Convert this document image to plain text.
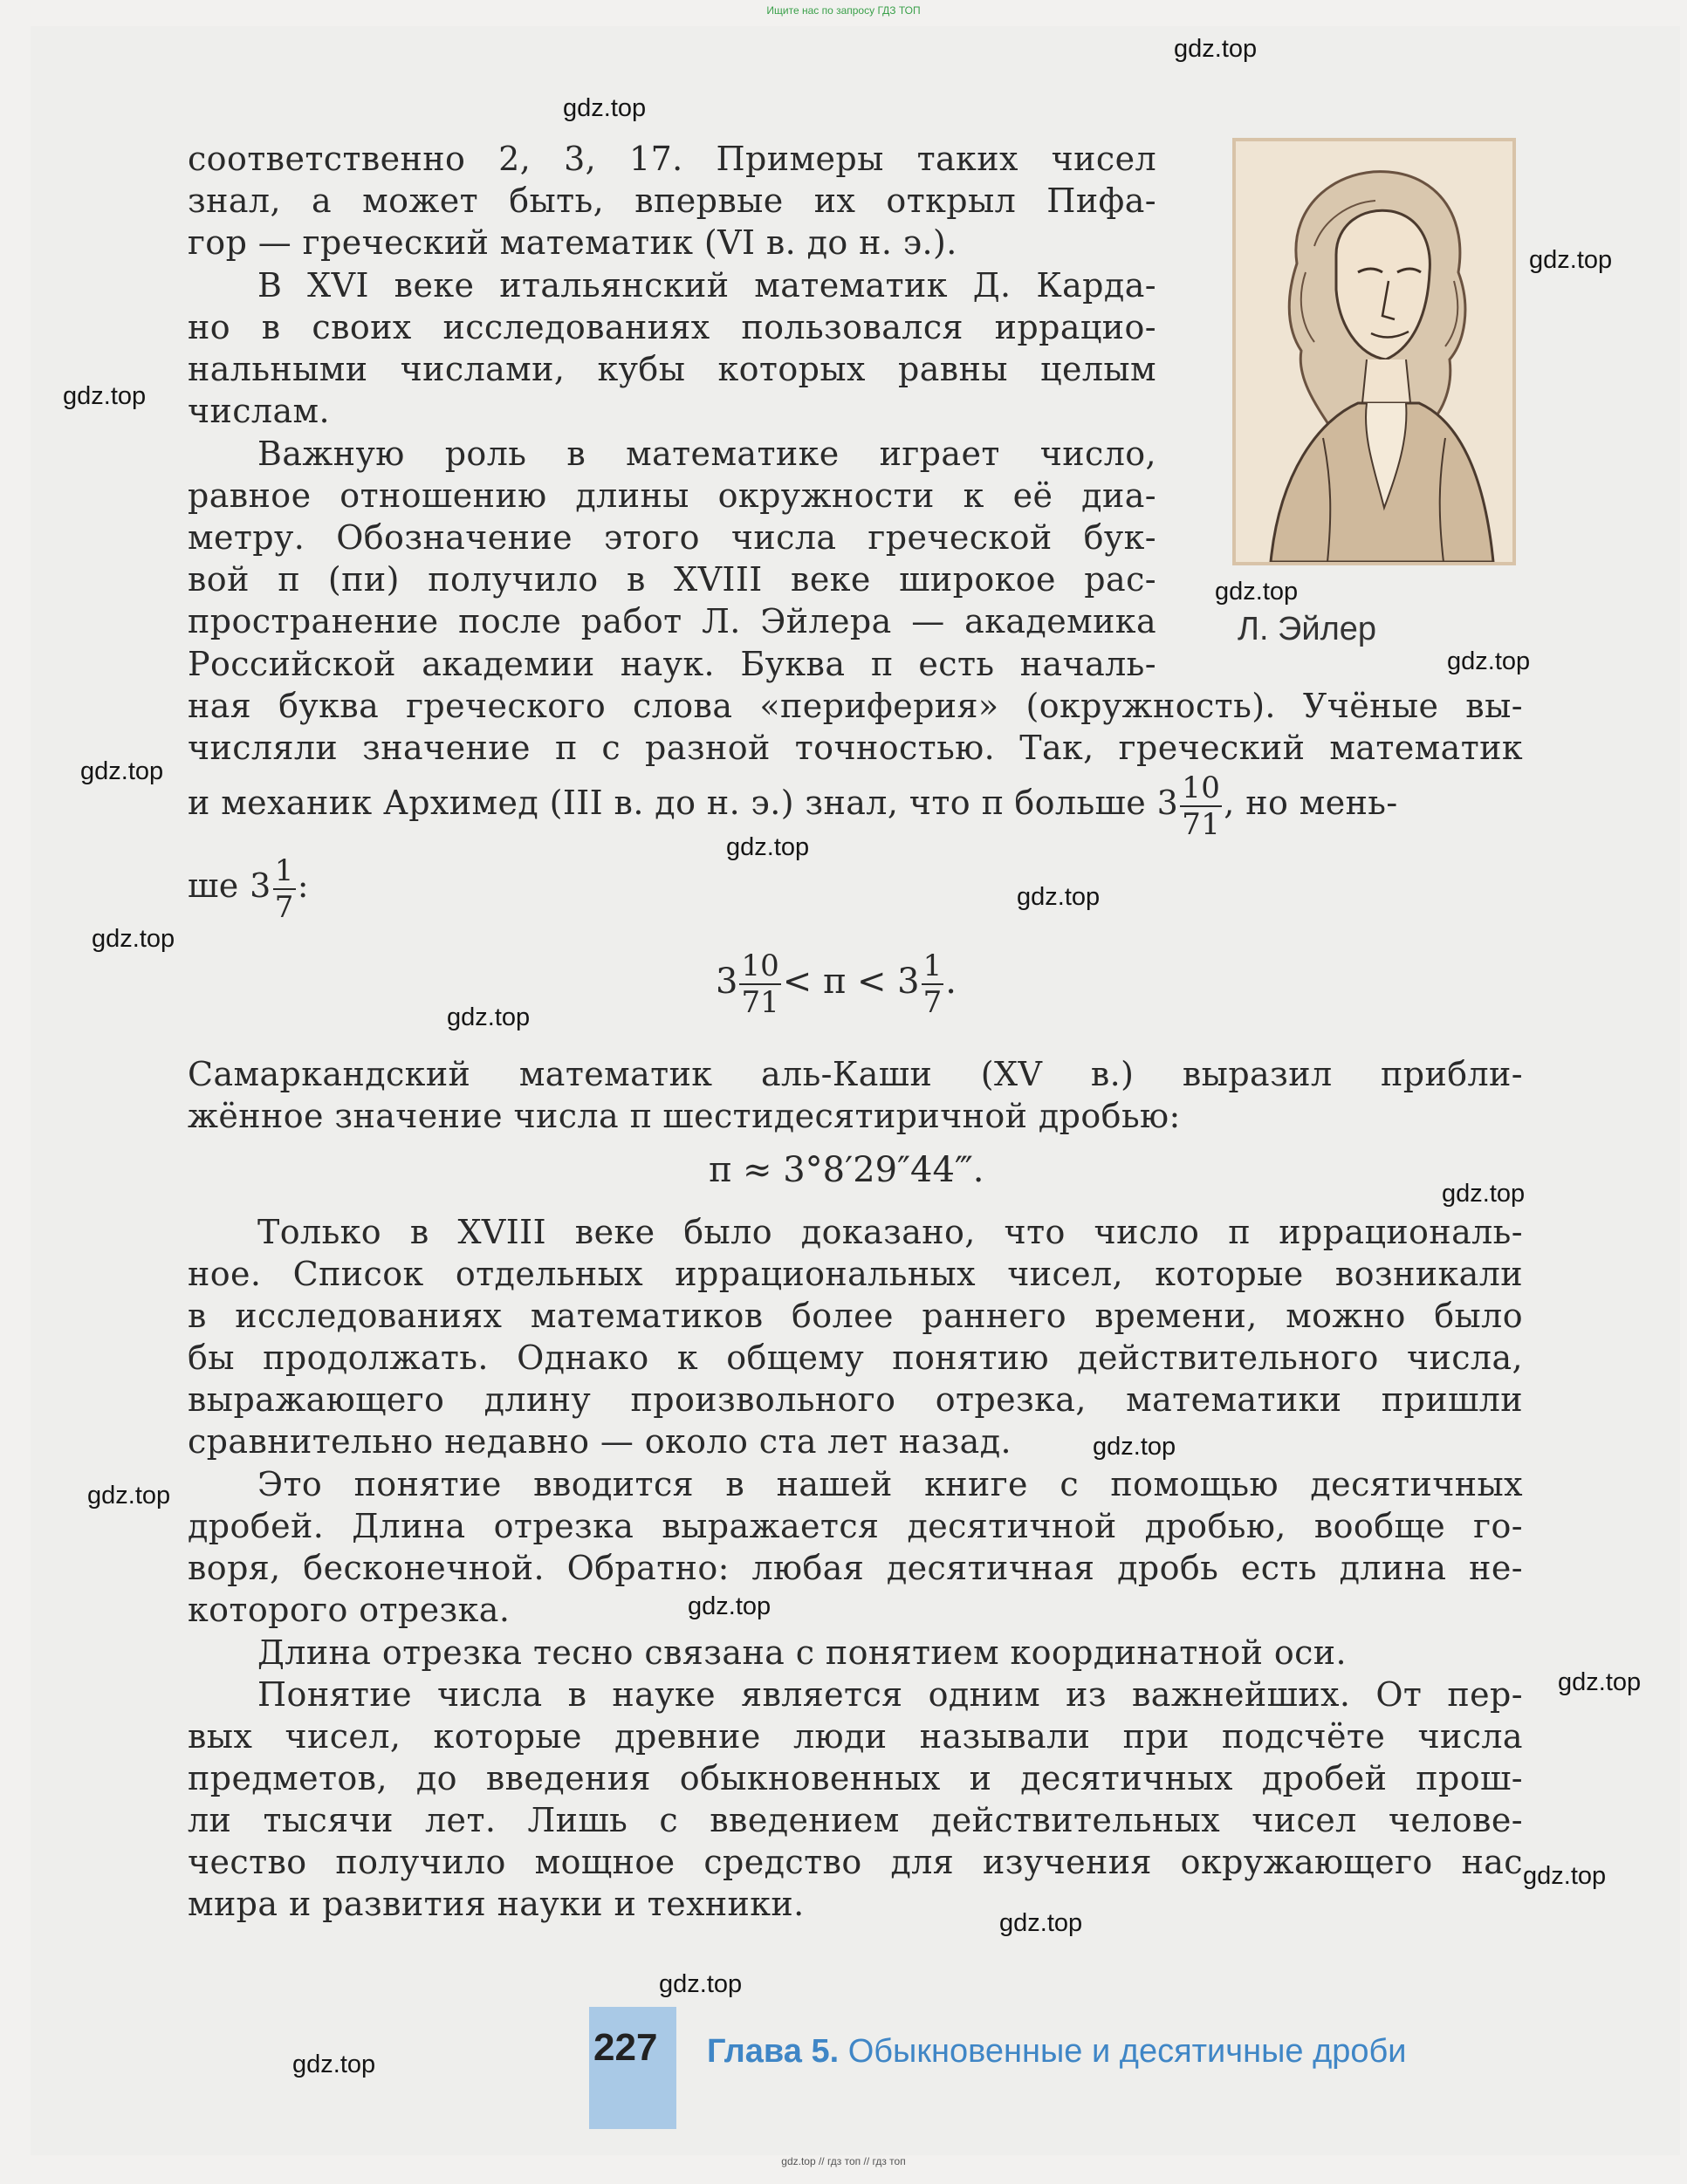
Ищите нас по запросу ГДЗ ТОП
Л. Эйлер
соответственно 2, 3, 17. Примеры таких чисел
знал, а может быть, впервые их открыл Пифа-
гор — греческий математик (VI в. до н. э.).
В XVI веке итальянский математик Д. Кардa-
но в своих исследованиях пользовался иррацио-
нальными числами, кубы которых равны целым
числам.
Важную роль в математике играет число,
равное отношению длины окружности к её диа-
метру. Обозначение этого числа греческой бук-
вой π (пи) получило в XVIII веке широкое рас-
пространение после работ Л. Эйлера — академика
Российской академии наук. Буква π есть началь-
ная буква греческого слова «периферия» (окружность). Учёные вы-
числяли значение π с разной точностью. Так, греческий математик
и механик Архимед (III в. до н. э.) знал, что π больше $3 \frac{10}{71}$ , но мень-
ше $3 \frac{1}{7}$ :
$3 \frac{10}{71} < \pi < 3 \frac{1}{7}$ .
Самаркандский математик аль-Каши (XV в.) выразил прибли-
жённое значение числа π шестидесятиричной дробью:
π ≈ 3°8′29″44‴.
Только в XVIII веке было доказано, что число π иррациональ-
ное. Список отдельных иррациональных чисел, которые возникали
в исследованиях математиков более раннего времени, можно было
бы продолжать. Однако к общему понятию действительного числа,
выражающего длину произвольного отрезка, математики пришли
сравнительно недавно — около ста лет назад.
Это понятие вводится в нашей книге с помощью десятичных
дробей. Длина отрезка выражается десятичной дробью, вообще го-
воря, бесконечной. Обратно: любая десятичная дробь есть длина не-
которого отрезка.
Длина отрезка тесно связана с понятием координатной оси.
Понятие числа в науке является одним из важнейших. От пер-
вых чисел, которые древние люди называли при подсчёте числа
предметов, до введения обыкновенных и десятичных дробей прош-
ли тысячи лет. Лишь с введением действительных чисел челове-
чество получило мощное средство для изучения окружающего нас
мира и развития науки и техники.
227 Глава 5. Обыкновенные и десятичные дроби
gdz.top // гдз топ // гдз топ
gdz.top
gdz.top
gdz.top
gdz.top
gdz.top
gdz.top
gdz.top
gdz.top
gdz.top
gdz.top
gdz.top
gdz.top
gdz.top
gdz.top
gdz.top
gdz.top
gdz.top
gdz.top
gdz.top
gdz.top
